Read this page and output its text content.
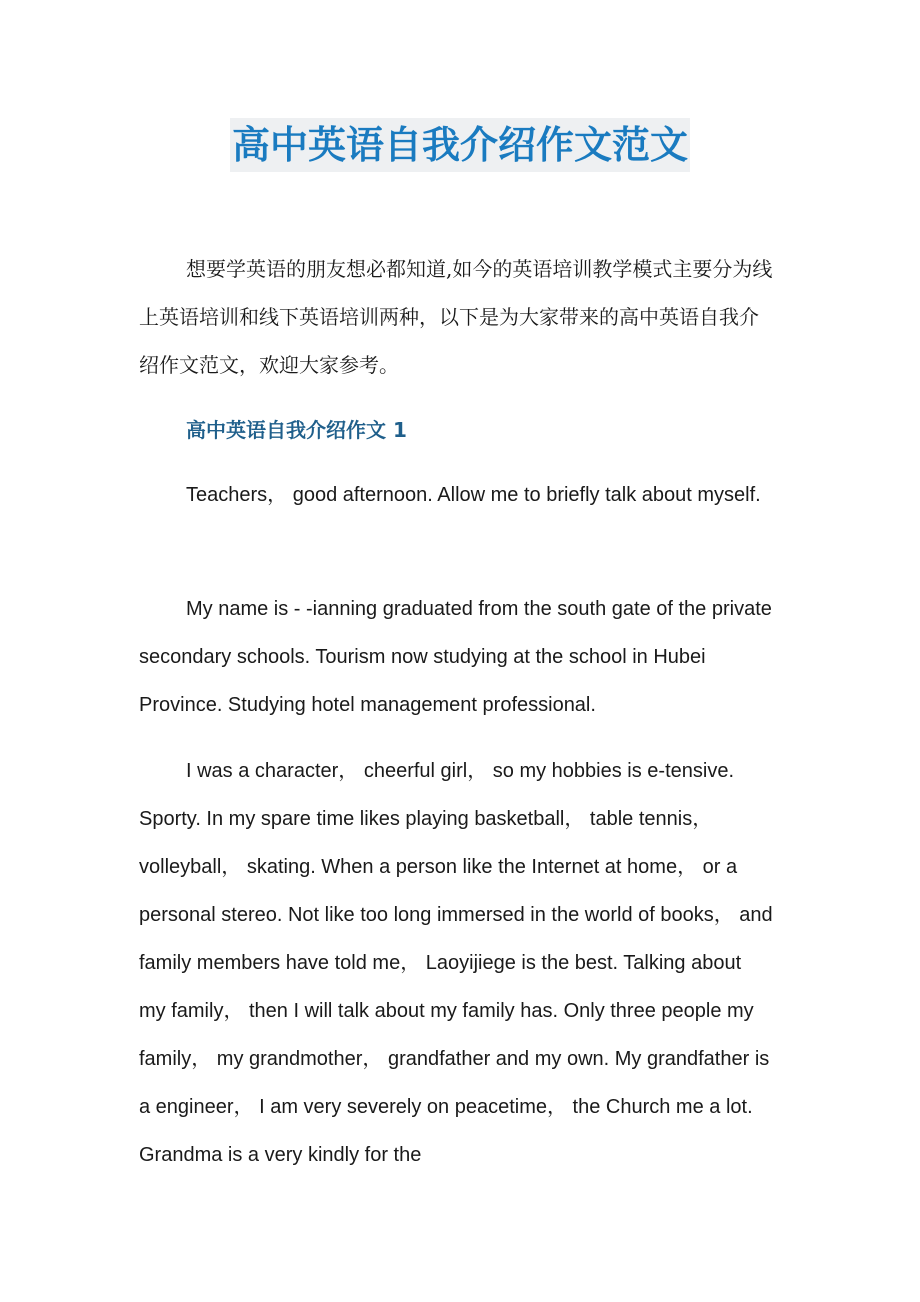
高中英语自我介绍作文范文

想要学英语的朋友想必都知道,如今的英语培训教学模式主要分为线上英语培训和线下英语培训两种，以下是为大家带来的高中英语自我介绍作文范文，欢迎大家参考。

高中英语自我介绍作文 1

Teachers， good afternoon. Allow me to briefly talk about myself.

My name is - -ianning graduated from the south gate of the private secondary schools. Tourism now studying at the school in Hubei Province. Studying hotel management professional.

I was a character， cheerful girl， so my hobbies is e-tensive. Sporty. In my spare time likes playing basketball， table tennis， volleyball， skating. When a person like the Internet at home， or a personal stereo. Not like too long immersed in the world of books， and family members have told me， Laoyijiege is the best. Talking about my family， then I will talk about my family has. Only three people my family， my grandmother， grandfather and my own. My grandfather is a engineer， I am very severely on peacetime， the Church me a lot. Grandma is a very kindly for the
